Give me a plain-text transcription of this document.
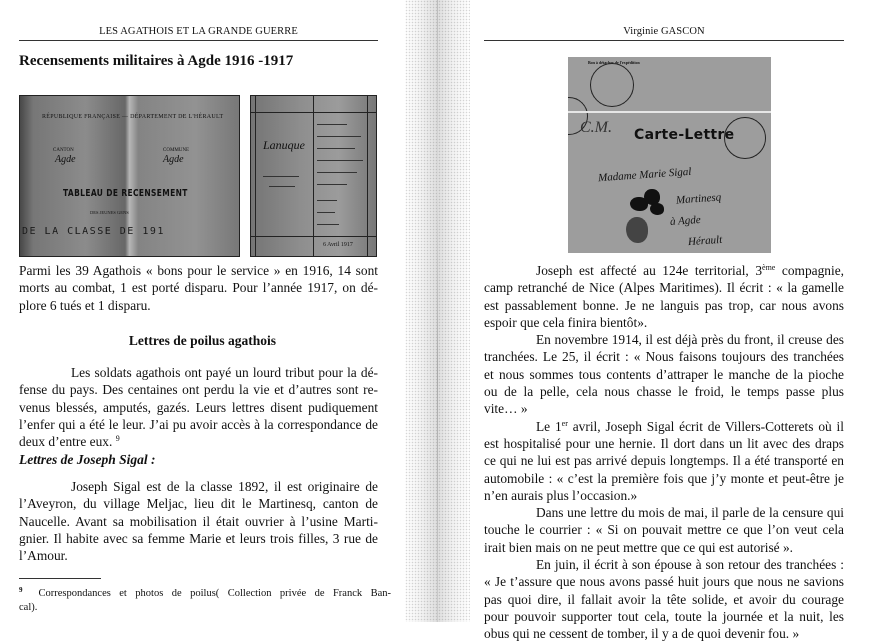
LES AGATHOIS ET LA GRANDE GUERRE
Recensements militaires à Agde 1916 -1917
RÉPUBLIQUE FRANÇAISE — DÉPARTEMENT DE L'HÉRAULT
CANTON	COMMUNE
Agde	Agde
TABLEAU DE RECENSEMENT
DES JEUNES GENS
DE LA CLASSE DE 191
Lanuque
6 Avril 1917
Parmi les 39 Agathois « bons pour le service » en 1916, 14 sont
morts au combat, 1 est porté disparu. Pour l’année 1917, on dé-
plore 6 tués et 1 disparu.
Lettres de poilus agathois
Les soldats agathois ont payé un lourd tribut pour la dé-
fense du pays. Des centaines ont perdu la vie et d’autres sont re-
venus blessés, amputés, gazés. Leurs lettres disent pudiquement
l’enfer qui a été le leur. J’ai pu avoir accès à la correspondance de
deux d’entre eux. $^9$
Lettres de Joseph Sigal :
Joseph Sigal est de la classe 1892, il est originaire de
l’Aveyron, du village Meljac, lieu dit le Martinesq, canton de
Naucelle. Avant sa mobilisation il était ouvrier à l’usine Marti-
gnier. Il habite avec sa femme Marie et leurs trois filles, 3 rue de
l’Amour.
$^9$ Correspondances et photos de poilus( Collection privée de Franck Ban-
cal).
Virginie GASCON
Bon à détacher de l'expédition
C.M. Carte-Lettre
Madame Marie Sigal
Martinesq
à Agde
Hérault
Joseph est affecté au 124e territorial, 3ème compagnie,
camp retranché de Nice (Alpes Maritimes). Il écrit : « la gamelle
est passablement bonne. Je ne languis pas trop, car nous avons
espoir que cela finira bientôt».
En novembre 1914, il est déjà près du front, il creuse des
tranchées. Le 25, il écrit : « Nous faisons toujours des tranchées
et nous sommes tous contents d’attraper le manche de la pioche
ou de la pelle, cela nous chasse le froid, le temps passe plus
vite… »
Le 1er avril, Joseph Sigal écrit de Villers-Cotterets où il
est hospitalisé pour une hernie. Il dort dans un lit avec des draps
ce qui ne lui est pas arrivé depuis longtemps. Il a été transporté en
automobile : « c’est la première fois que j’y monte et peut-être je
n’en aurais plus l’occasion.»
Dans une lettre du mois de mai, il parle de la censure qui
touche le courrier : « Si on pouvait mettre ce que l’on veut cela
irait bien mais on ne peut mettre que ce qui est autorisé ».
En juin, il écrit à son épouse à son retour des tranchées :
« Je t’assure que nous avons passé huit jours que nous ne savions
pas quoi dire, il fallait avoir la tête solide, et avoir du courage
pour pouvoir supporter tout cela, toute la journée et la nuit, les
obus qui ne cessent de tomber, il y a de quoi devenir fou. »
